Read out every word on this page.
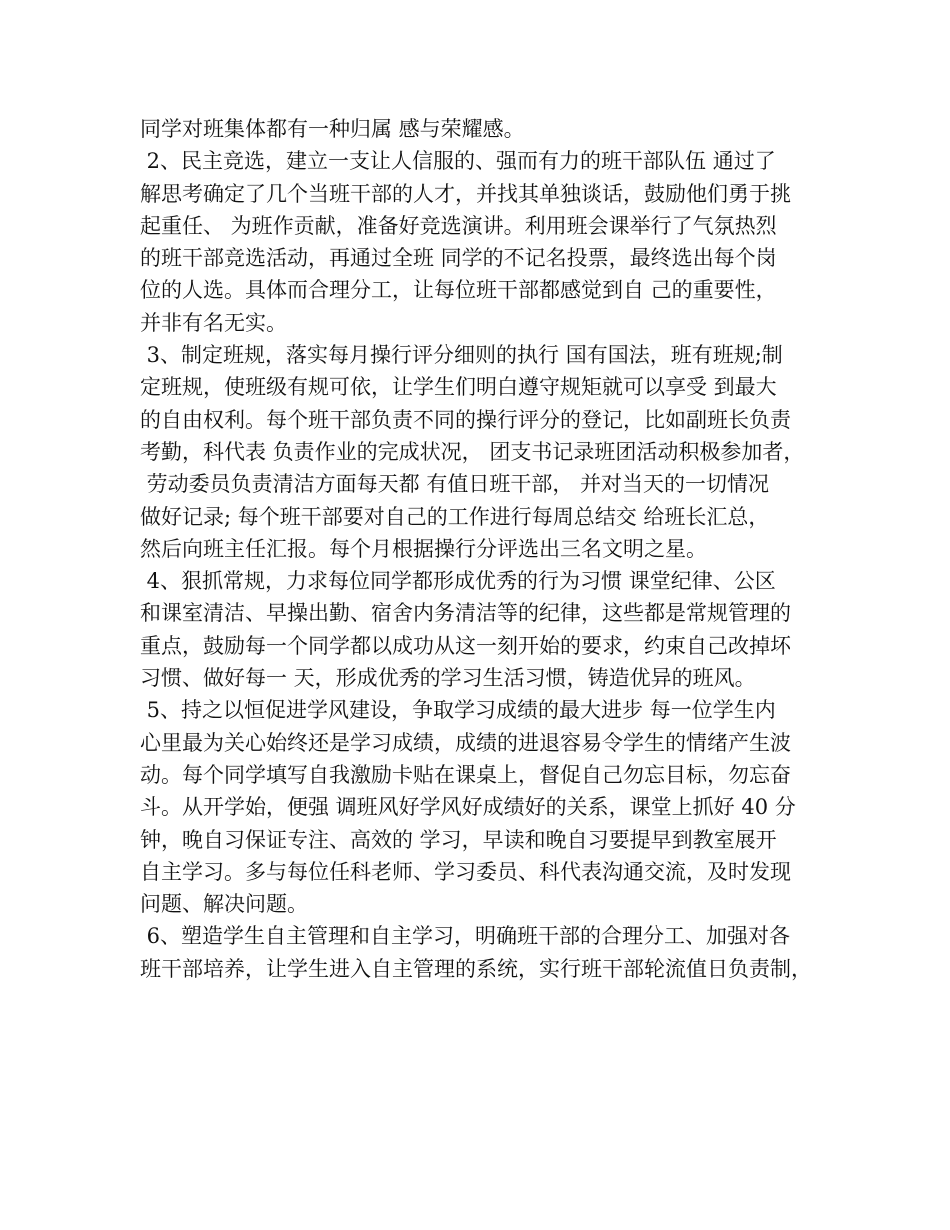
同学对班集体都有一种归属 感与荣耀感。
2、民主竞选，建立一支让人信服的、强而有力的班干部队伍 通过了
解思考确定了几个当班干部的人才，并找其单独谈话，鼓励他们勇于挑
起重任、 为班作贡献，准备好竞选演讲。利用班会课举行了气氛热烈
的班干部竞选活动，再通过全班 同学的不记名投票，最终选出每个岗
位的人选。具体而合理分工，让每位班干部都感觉到自 己的重要性，
并非有名无实。
3、制定班规，落实每月操行评分细则的执行 国有国法，班有班规;制
定班规，使班级有规可依，让学生们明白遵守规矩就可以享受 到最大
的自由权利。每个班干部负责不同的操行评分的登记，比如副班长负责
考勤，科代表 负责作业的完成状况， 团支书记录班团活动积极参加者，
劳动委员负责清洁方面每天都 有值日班干部， 并对当天的一切情况
做好记录; 每个班干部要对自己的工作进行每周总结交 给班长汇总，
然后向班主任汇报。每个月根据操行分评选出三名文明之星。
4、狠抓常规，力求每位同学都形成优秀的行为习惯 课堂纪律、公区
和课室清洁、早操出勤、宿舍内务清洁等的纪律，这些都是常规管理的
重点，鼓励每一个同学都以成功从这一刻开始的要求，约束自己改掉坏
习惯、做好每一 天，形成优秀的学习生活习惯，铸造优异的班风。
5、持之以恒促进学风建设，争取学习成绩的最大进步 每一位学生内
心里最为关心始终还是学习成绩，成绩的进退容易令学生的情绪产生波
动。每个同学填写自我激励卡贴在课桌上，督促自己勿忘目标，勿忘奋
斗。从开学始，便强 调班风好学风好成绩好的关系，课堂上抓好 40 分
钟，晚自习保证专注、高效的 学习，早读和晚自习要提早到教室展开
自主学习。多与每位任科老师、学习委员、科代表沟通交流，及时发现
问题、解决问题。
6、塑造学生自主管理和自主学习，明确班干部的合理分工、加强对各
班干部培养，让学生进入自主管理的系统，实行班干部轮流值日负责制，
